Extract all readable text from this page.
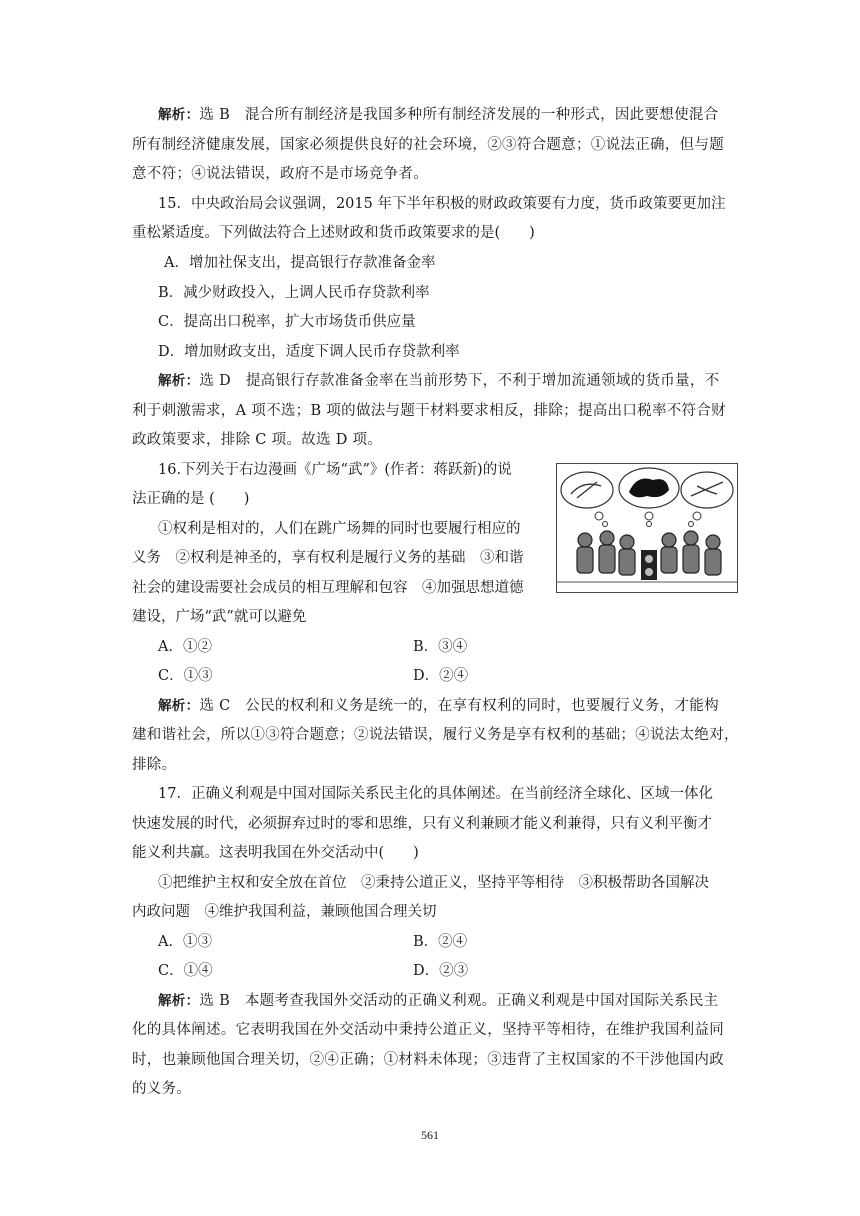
解析：选 B　混合所有制经济是我国多种所有制经济发展的一种形式，因此要想使混合
所有制经济健康发展，国家必须提供良好的社会环境，②③符合题意；①说法正确，但与题
意不符；④说法错误，政府不是市场竞争者。
15．中央政治局会议强调，2015 年下半年积极的财政政策要有力度，货币政策要更加注
重松紧适度。下列做法符合上述财政和货币政策要求的是(　　)
A．增加社保支出，提高银行存款准备金率
B．减少财政投入，上调人民币存贷款利率
C．提高出口税率，扩大市场货币供应量
D．增加财政支出，适度下调人民币存贷款利率
解析：选 D　提高银行存款准备金率在当前形势下，不利于增加流通领域的货币量，不
利于刺激需求，A 项不选；B 项的做法与题干材料要求相反，排除；提高出口税率不符合财
政政策要求，排除 C 项。故选 D 项。
16.下列关于右边漫画《广场“武”》(作者：蒋跃新)的说
法正确的是 (　　)
①权利是相对的，人们在跳广场舞的同时也要履行相应的
义务　②权利是神圣的，享有权利是履行义务的基础　③和谐
社会的建设需要社会成员的相互理解和包容　④加强思想道德
建设，广场“武”就可以避免
A．①②	B．③④
C．①③	D．②④
解析：选 C　公民的权利和义务是统一的，在享有权利的同时，也要履行义务，才能构
建和谐社会，所以①③符合题意；②说法错误，履行义务是享有权利的基础；④说法太绝对，
排除。
17．正确义利观是中国对国际关系民主化的具体阐述。在当前经济全球化、区域一体化
快速发展的时代，必须摒弃过时的零和思维，只有义利兼顾才能义利兼得，只有义利平衡才
能义利共赢。这表明我国在外交活动中(　　)
①把维护主权和安全放在首位　②秉持公道正义，坚持平等相待　③积极帮助各国解决
内政问题　④维护我国利益，兼顾他国合理关切
A．①③	B．②④
C．①④	D．②③
解析：选 B　本题考查我国外交活动的正确义利观。正确义利观是中国对国际关系民主
化的具体阐述。它表明我国在外交活动中秉持公道正义，坚持平等相待，在维护我国利益同
时，也兼顾他国合理关切，②④正确；①材料未体现；③违背了主权国家的不干涉他国内政
的义务。
561
